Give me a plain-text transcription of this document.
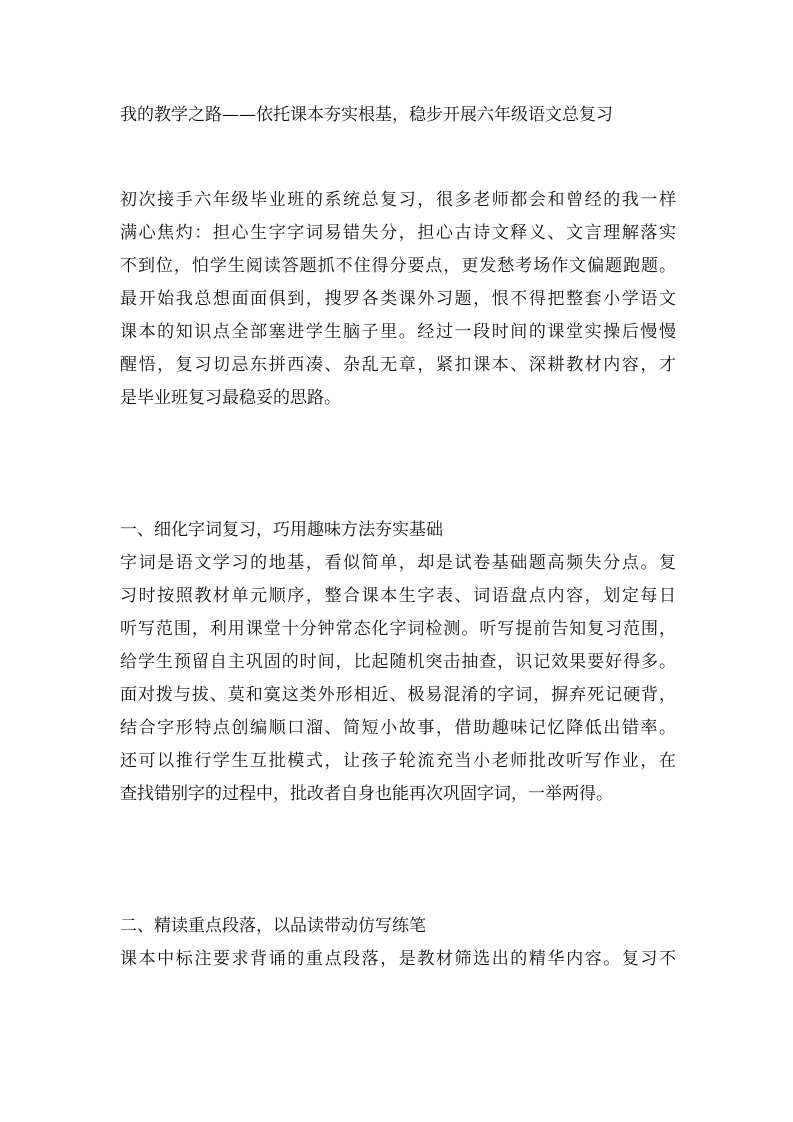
我的教学之路——依托课本夯实根基，稳步开展六年级语文总复习
初次接手六年级毕业班的系统总复习，很多老师都会和曾经的我一样
满心焦灼：担心生字字词易错失分，担心古诗文释义、文言理解落实
不到位，怕学生阅读答题抓不住得分要点，更发愁考场作文偏题跑题。
最开始我总想面面俱到，搜罗各类课外习题，恨不得把整套小学语文
课本的知识点全部塞进学生脑子里。经过一段时间的课堂实操后慢慢
醒悟，复习切忌东拼西凑、杂乱无章，紧扣课本、深耕教材内容，才
是毕业班复习最稳妥的思路。
一、细化字词复习，巧用趣味方法夯实基础
字词是语文学习的地基，看似简单，却是试卷基础题高频失分点。复
习时按照教材单元顺序，整合课本生字表、词语盘点内容，划定每日
听写范围，利用课堂十分钟常态化字词检测。听写提前告知复习范围，
给学生预留自主巩固的时间，比起随机突击抽查，识记效果要好得多。
面对拨与拔、莫和寞这类外形相近、极易混淆的字词，摒弃死记硬背，
结合字形特点创编顺口溜、简短小故事，借助趣味记忆降低出错率。
还可以推行学生互批模式，让孩子轮流充当小老师批改听写作业，在
查找错别字的过程中，批改者自身也能再次巩固字词，一举两得。
二、精读重点段落，以品读带动仿写练笔
课本中标注要求背诵的重点段落，是教材筛选出的精华内容。复习不
